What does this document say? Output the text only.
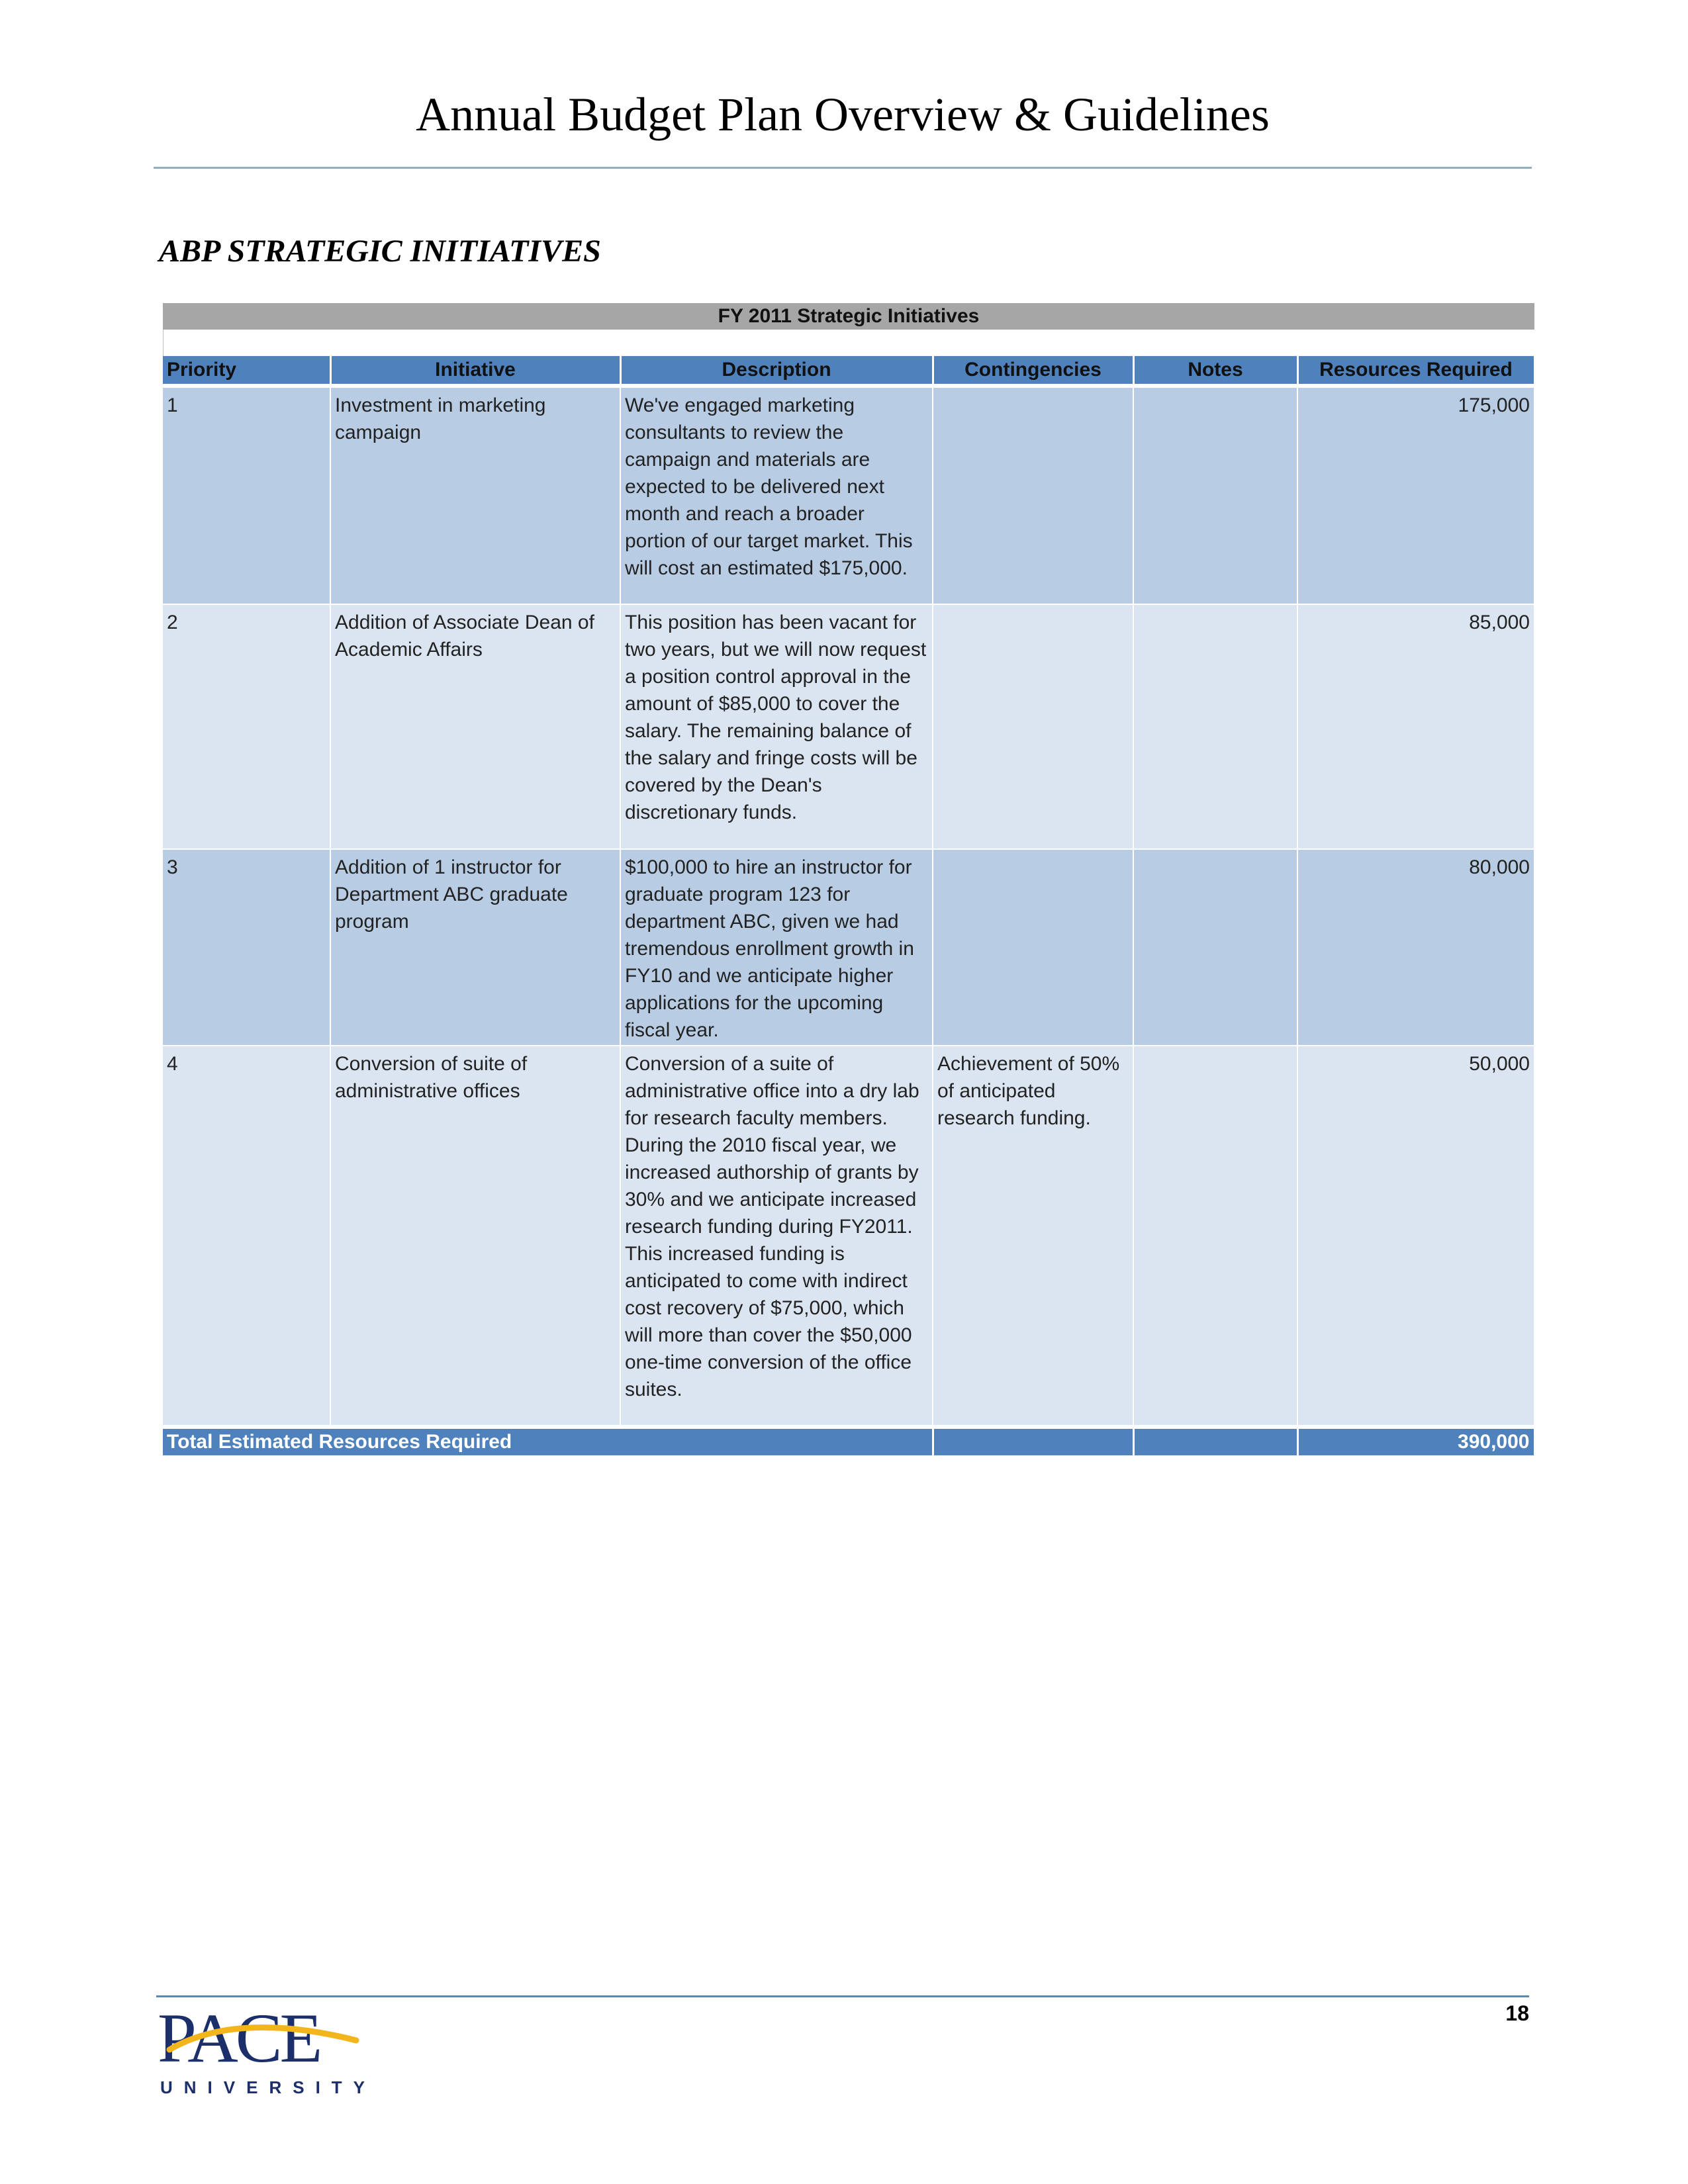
Annual Budget Plan Overview & Guidelines
ABP STRATEGIC INITIATIVES
FY 2011 Strategic Initiatives
Priority	Initiative	Description	Contingencies	Notes	Resources Required
1	Investment in marketing campaign	We've engaged marketing consultants to review the campaign and materials are expected to be delivered next month and reach a broader portion of our target market. This will cost an estimated $175,000.			175,000
2	Addition of Associate Dean of Academic Affairs	This position has been vacant for two years, but we will now request a position control approval in the amount of $85,000 to cover the salary. The remaining balance of the salary and fringe costs will be covered by the Dean's discretionary funds.			85,000
3	Addition of 1 instructor for Department ABC graduate program	$100,000 to hire an instructor for graduate program 123 for department ABC, given we had tremendous enrollment growth in FY10 and we anticipate higher applications for the upcoming fiscal year.			80,000
4	Conversion of suite of administrative offices	Conversion of a suite of administrative office into a dry lab for research faculty members. During the 2010 fiscal year, we increased authorship of grants by 30% and we anticipate increased research funding during FY2011. This increased funding is anticipated to come with indirect cost recovery of $75,000, which will more than cover the $50,000 one-time conversion of the office suites.	Achievement of 50% of anticipated research funding.		50,000
Total Estimated Resources Required					390,000
18
PACE
UNIVERSITY
